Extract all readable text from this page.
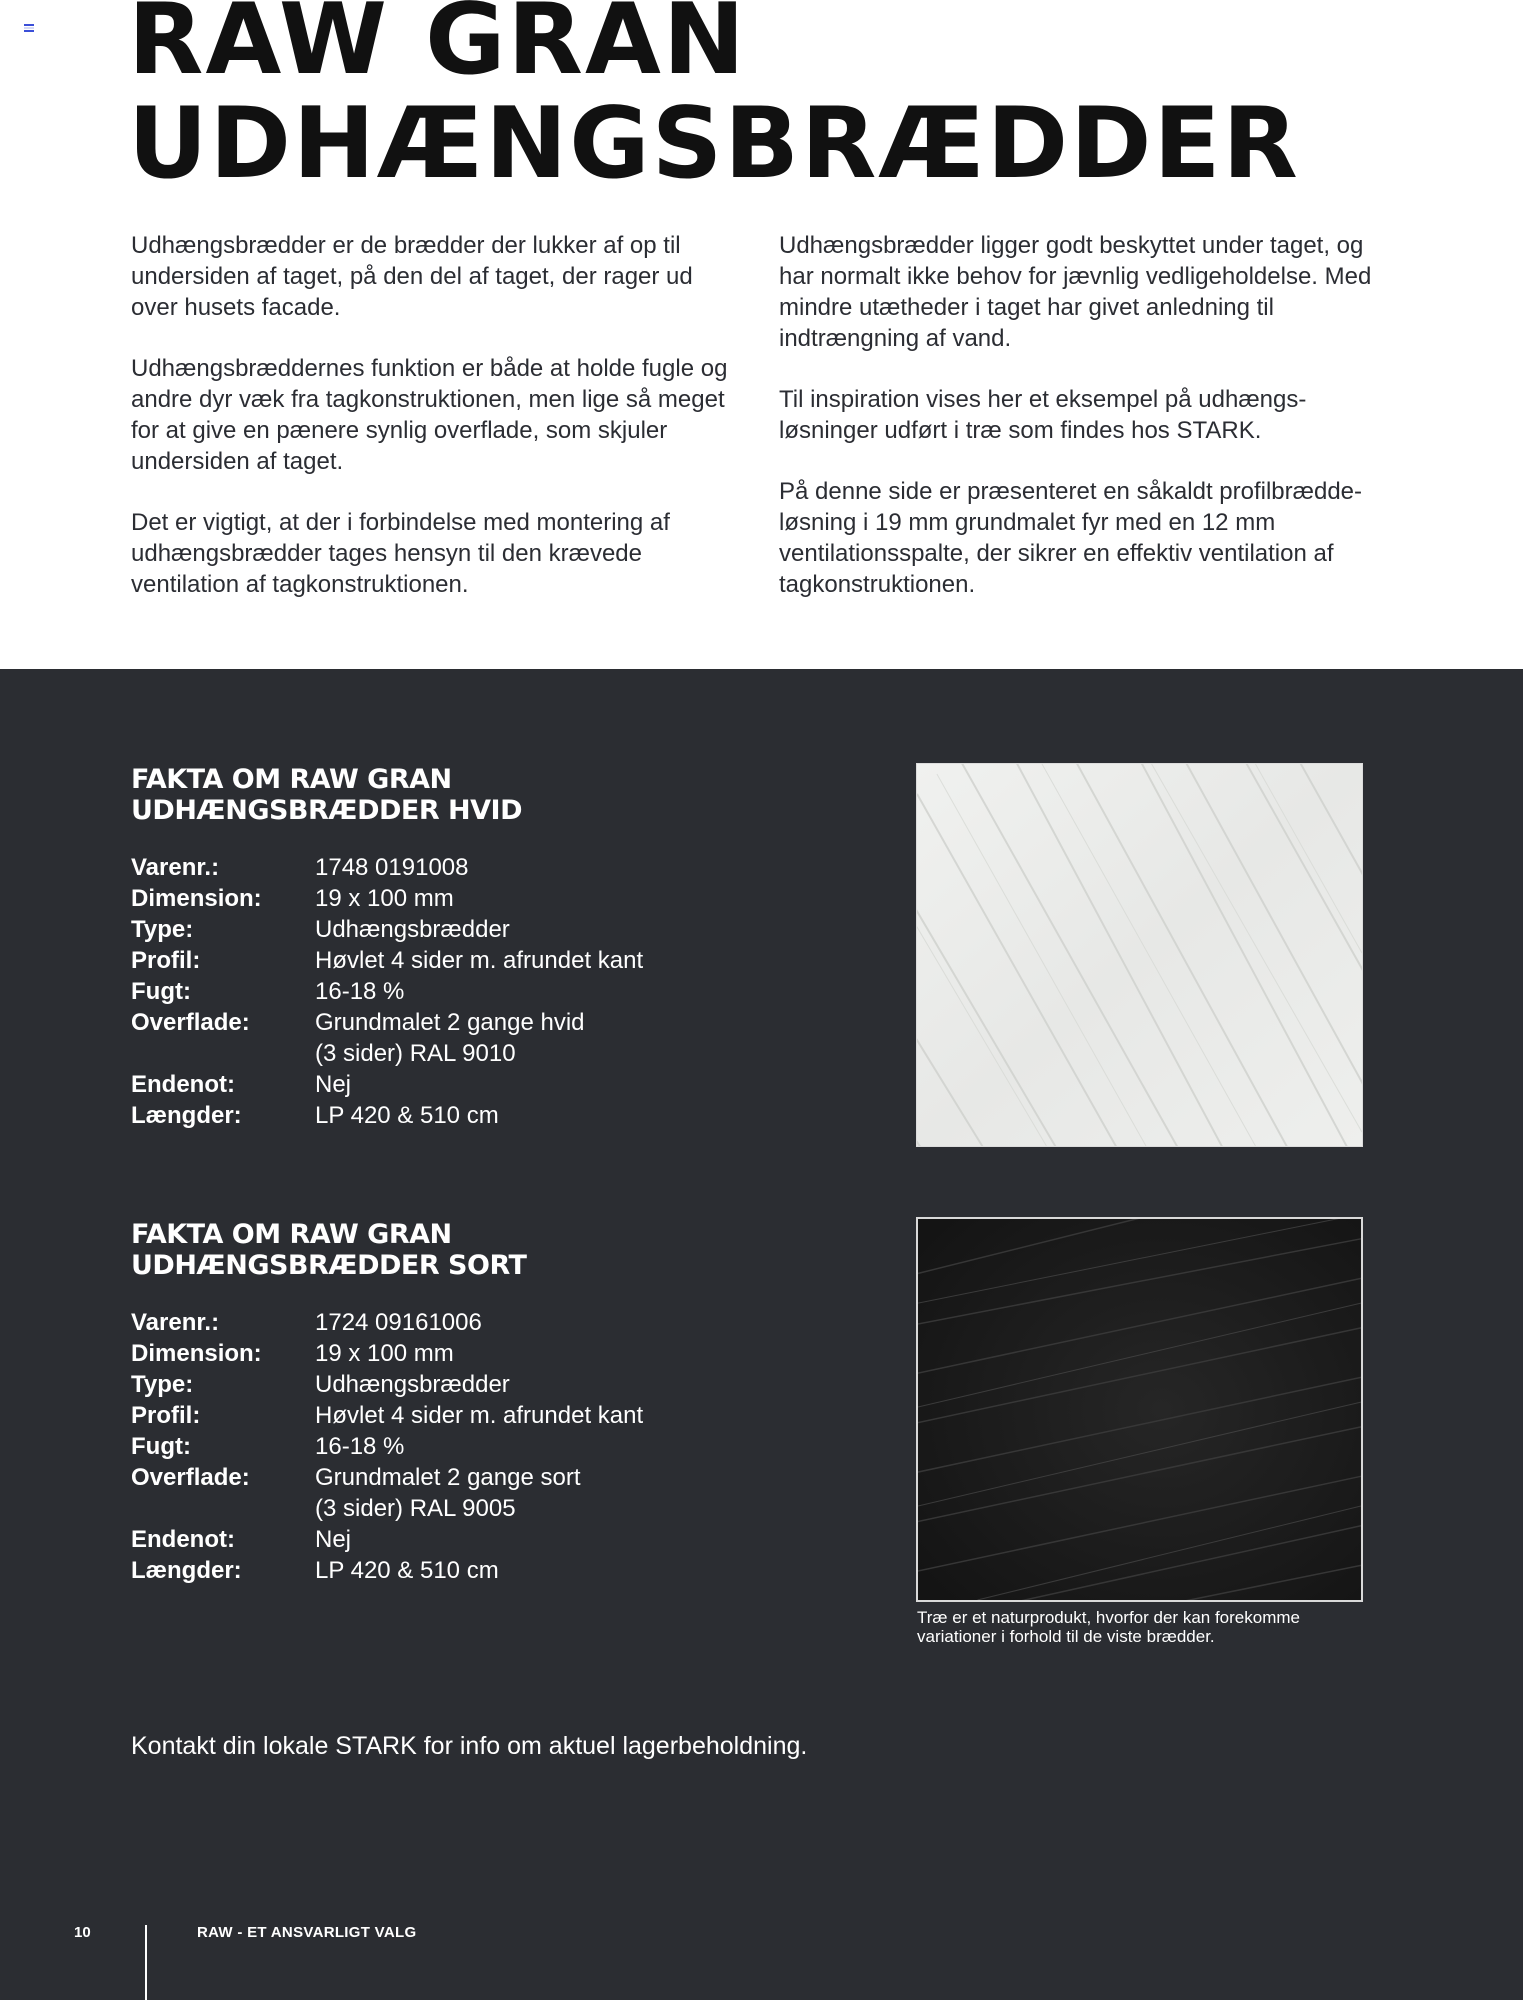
RAW GRAN
UDHÆNGSBRÆDDER

Udhængsbrædder er de brædder der lukker af op til undersiden af taget, på den del af taget, der rager ud over husets facade.

Udhængsbræddernes funktion er både at holde fugle og andre dyr væk fra tagkonstruktionen, men lige så meget for at give en pænere synlig overflade, som skjuler undersiden af taget.

Det er vigtigt, at der i forbindelse med montering af udhængsbrædder tages hensyn til den krævede ventilation af tagkonstruktionen.

Udhængsbrædder ligger godt beskyttet under taget, og har normalt ikke behov for jævnlig vedligeholdelse. Med mindre utætheder i taget har givet anledning til indtrængning af vand.

Til inspiration vises her et eksempel på udhængs- løsninger udført i træ som findes hos STARK.

På denne side er præsenteret en såkaldt profilbræddeløsning i 19 mm grundmalet fyr med en 12 mm ventilationsspalte, der sikrer en effektiv ventilation af tagkonstruktionen.

FAKTA OM RAW GRAN
UDHÆNGSBRÆDDER HVID
Varenr.:	1748 0191008
Dimension:	19 x 100 mm
Type:	Udhængsbrædder
Profil:	Høvlet 4 sider m. afrundet kant
Fugt:	16-18 %
Overflade:	Grundmalet 2 gange hvid
(3 sider) RAL 9010
Endenot:	Nej
Længder:	LP 420 & 510 cm
FAKTA OM RAW GRAN
UDHÆNGSBRÆDDER SORT
Varenr.:	1724 09161006
Dimension:	19 x 100 mm
Type:	Udhængsbrædder
Profil:	Høvlet 4 sider m. afrundet kant
Fugt:	16-18 %
Overflade:	Grundmalet 2 gange sort
(3 sider) RAL 9005
Endenot:	Nej
Længder:	LP 420 & 510 cm
Træ er et naturprodukt, hvorfor der kan forekomme variationer i forhold til de viste brædder.
Kontakt din lokale STARK for info om aktuel lagerbeholdning.
10	RAW - ET ANSVARLIGT VALG
